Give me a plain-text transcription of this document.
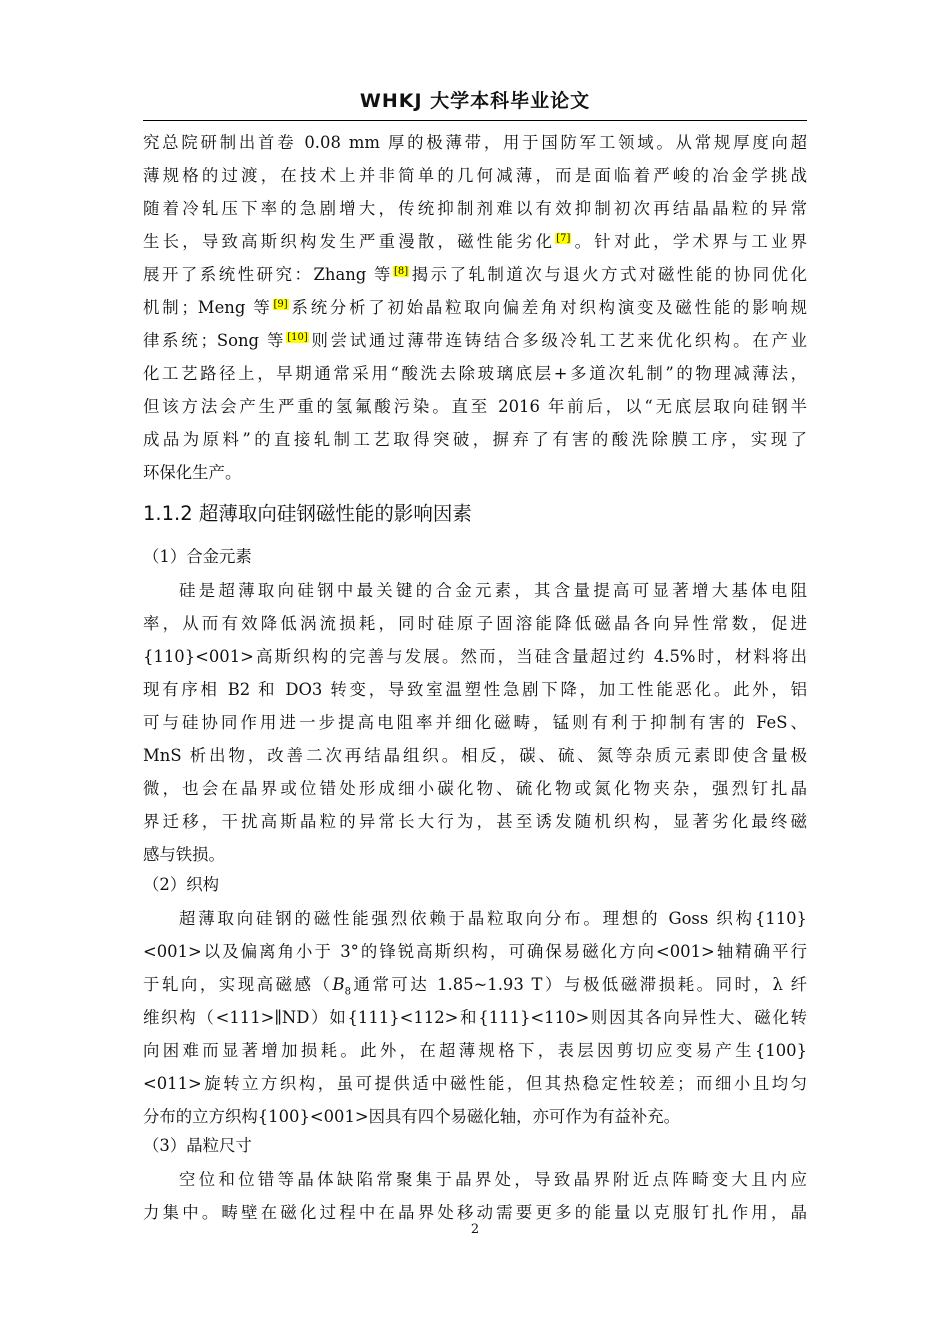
WHKJ 大学本科毕业论文
究总院研制出首卷 0.08 mm 厚的极薄带，用于国防军工领域。从常规厚度向超
薄规格的过渡，在技术上并非简单的几何减薄，而是面临着严峻的冶金学挑战
随着冷轧压下率的急剧增大，传统抑制剂难以有效抑制初次再结晶晶粒的异常
生长，导致高斯织构发生严重漫散，磁性能劣化[7]。针对此，学术界与工业界
展开了系统性研究：Zhang 等[8]揭示了轧制道次与退火方式对磁性能的协同优化
机制；Meng 等[9]系统分析了初始晶粒取向偏差角对织构演变及磁性能的影响规
律系统；Song 等[10]则尝试通过薄带连铸结合多级冷轧工艺来优化织构。在产业
化工艺路径上，早期通常采用“酸洗去除玻璃底层+多道次轧制”的物理减薄法，
但该方法会产生严重的氢氟酸污染。直至 2016 年前后，以“无底层取向硅钢半
成品为原料”的直接轧制工艺取得突破，摒弃了有害的酸洗除膜工序，实现了
环保化生产。
1.1.2 超薄取向硅钢磁性能的影响因素
（1）合金元素
硅是超薄取向硅钢中最关键的合金元素，其含量提高可显著增大基体电阻
率，从而有效降低涡流损耗，同时硅原子固溶能降低磁晶各向异性常数，促进
{110}<001>高斯织构的完善与发展。然而，当硅含量超过约 4.5%时，材料将出
现有序相 B2 和 DO3 转变，导致室温塑性急剧下降，加工性能恶化。此外，铝
可与硅协同作用进一步提高电阻率并细化磁畴，锰则有利于抑制有害的 FeS、
MnS 析出物，改善二次再结晶组织。相反，碳、硫、氮等杂质元素即使含量极
微，也会在晶界或位错处形成细小碳化物、硫化物或氮化物夹杂，强烈钉扎晶
界迁移，干扰高斯晶粒的异常长大行为，甚至诱发随机织构，显著劣化最终磁
感与铁损。
（2）织构
超薄取向硅钢的磁性能强烈依赖于晶粒取向分布。理想的 Goss 织构{110}
<001>以及偏离角小于 3°的锋锐高斯织构，可确保易磁化方向<001>轴精确平行
于轧向，实现高磁感（$B_8$通常可达 1.85~1.93 T）与极低磁滞损耗。同时，λ 纤
维织构（<111>∥ND）如{111}<112>和{111}<110>则因其各向异性大、磁化转
向困难而显著增加损耗。此外，在超薄规格下，表层因剪切应变易产生{100}
<011>旋转立方织构，虽可提供适中磁性能，但其热稳定性较差；而细小且均匀
分布的立方织构{100}<001>因具有四个易磁化轴，亦可作为有益补充。
（3）晶粒尺寸
空位和位错等晶体缺陷常聚集于晶界处，导致晶界附近点阵畸变大且内应
力集中。畴壁在磁化过程中在晶界处移动需要更多的能量以克服钉扎作用，晶
2
